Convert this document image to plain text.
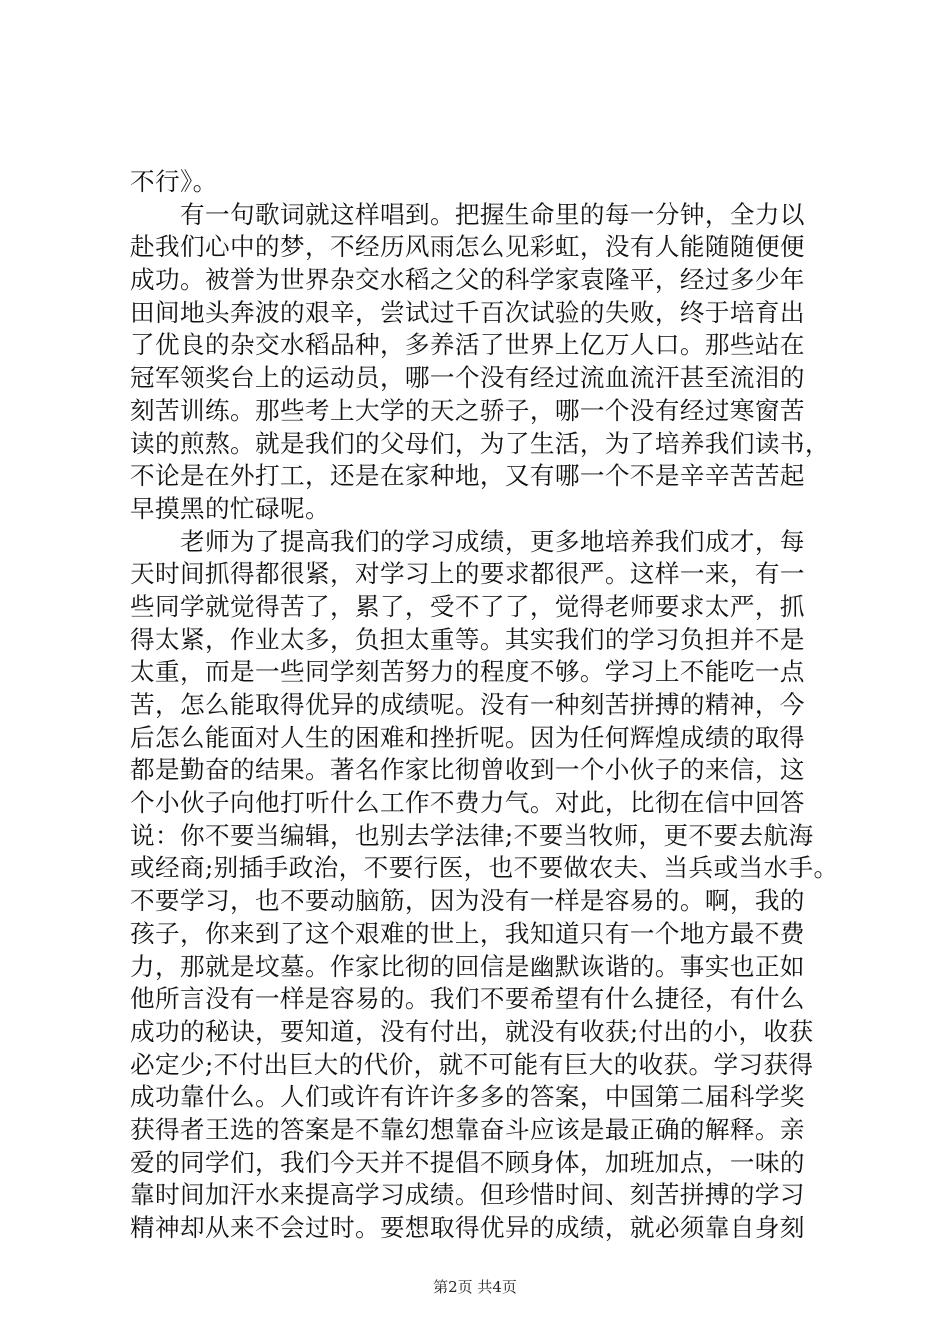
不行》。
有一句歌词就这样唱到。把握生命里的每一分钟，全力以
赴我们心中的梦，不经历风雨怎么见彩虹，没有人能随随便便
成功。被誉为世界杂交水稻之父的科学家袁隆平，经过多少年
田间地头奔波的艰辛，尝试过千百次试验的失败，终于培育出
了优良的杂交水稻品种，多养活了世界上亿万人口。那些站在
冠军领奖台上的运动员，哪一个没有经过流血流汗甚至流泪的
刻苦训练。那些考上大学的天之骄子，哪一个没有经过寒窗苦
读的煎熬。就是我们的父母们，为了生活，为了培养我们读书，
不论是在外打工，还是在家种地，又有哪一个不是辛辛苦苦起
早摸黑的忙碌呢。
老师为了提高我们的学习成绩，更多地培养我们成才，每
天时间抓得都很紧，对学习上的要求都很严。这样一来，有一
些同学就觉得苦了，累了，受不了了，觉得老师要求太严，抓
得太紧，作业太多，负担太重等。其实我们的学习负担并不是
太重，而是一些同学刻苦努力的程度不够。学习上不能吃一点
苦，怎么能取得优异的成绩呢。没有一种刻苦拼搏的精神，今
后怎么能面对人生的困难和挫折呢。因为任何辉煌成绩的取得
都是勤奋的结果。著名作家比彻曾收到一个小伙子的来信，这
个小伙子向他打听什么工作不费力气。对此，比彻在信中回答
说：你不要当编辑，也别去学法律;不要当牧师，更不要去航海
或经商;别插手政治，不要行医，也不要做农夫、当兵或当水手。
不要学习，也不要动脑筋，因为没有一样是容易的。啊，我的
孩子，你来到了这个艰难的世上，我知道只有一个地方最不费
力，那就是坟墓。作家比彻的回信是幽默诙谐的。事实也正如
他所言没有一样是容易的。我们不要希望有什么捷径，有什么
成功的秘诀，要知道，没有付出，就没有收获;付出的小，收获
必定少;不付出巨大的代价，就不可能有巨大的收获。学习获得
成功靠什么。人们或许有许许多多的答案，中国第二届科学奖
获得者王选的答案是不靠幻想靠奋斗应该是最正确的解释。亲
爱的同学们，我们今天并不提倡不顾身体，加班加点，一味的
靠时间加汗水来提高学习成绩。但珍惜时间、刻苦拼搏的学习
精神却从来不会过时。要想取得优异的成绩，就必须靠自身刻
第2页 共4页
